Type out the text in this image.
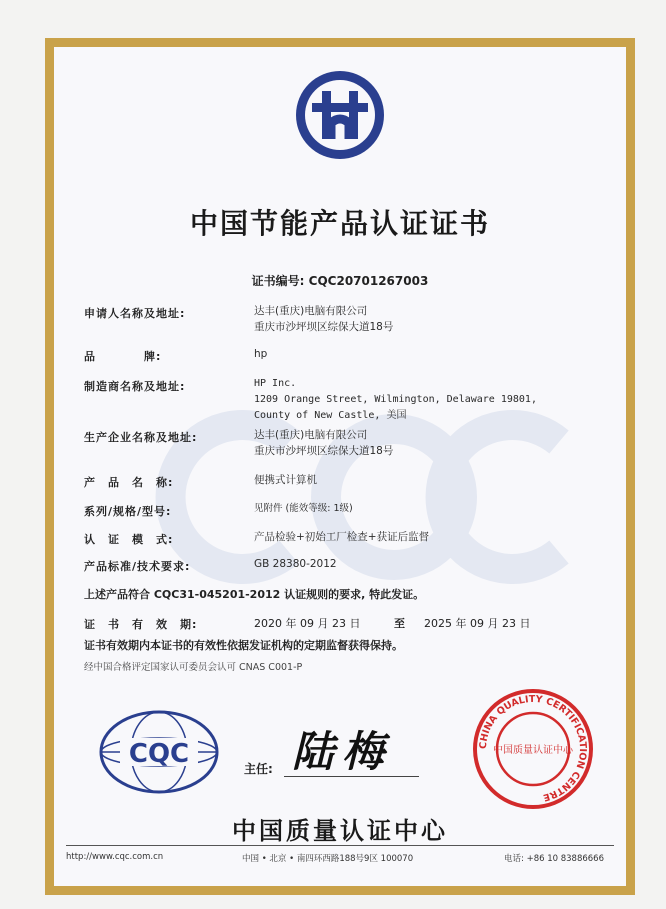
中国节能产品认证证书
证书编号: CQC20701267003
申请人名称及地址:	达丰(重庆)电脑有限公司
重庆市沙坪坝区综保大道18号
品　　　　牌:	hp
制造商名称及地址:	HP Inc.
1209 Orange Street, Wilmington, Delaware 19801,
County of New Castle, 美国
生产企业名称及地址:	达丰(重庆)电脑有限公司
重庆市沙坪坝区综保大道18号
产　品　名　称:	便携式计算机
系列/规格/型号:	见附件 (能效等级: 1级)
认　证　模　式:	产品检验+初始工厂检查+获证后监督
产品标准/技术要求:	GB 28380-2012
上述产品符合 CQC31-045201-2012 认证规则的要求, 特此发证。
证　书　有　效　期:	2020 年 09 月 23 日	至 2025 年 09 月 23 日
证书有效期内本证书的有效性依据发证机构的定期监督获得保持。
经中国合格评定国家认可委员会认可 CNAS C001-P
CQC	主任: 陆梅	CHINA QUALITY CERTIFICATION CENTRE
中国质量认证中心
中国质量认证中心
http://www.cqc.com.cn	中国 • 北京 • 南四环西路188号9区 100070	电话: +86 10 83886666
